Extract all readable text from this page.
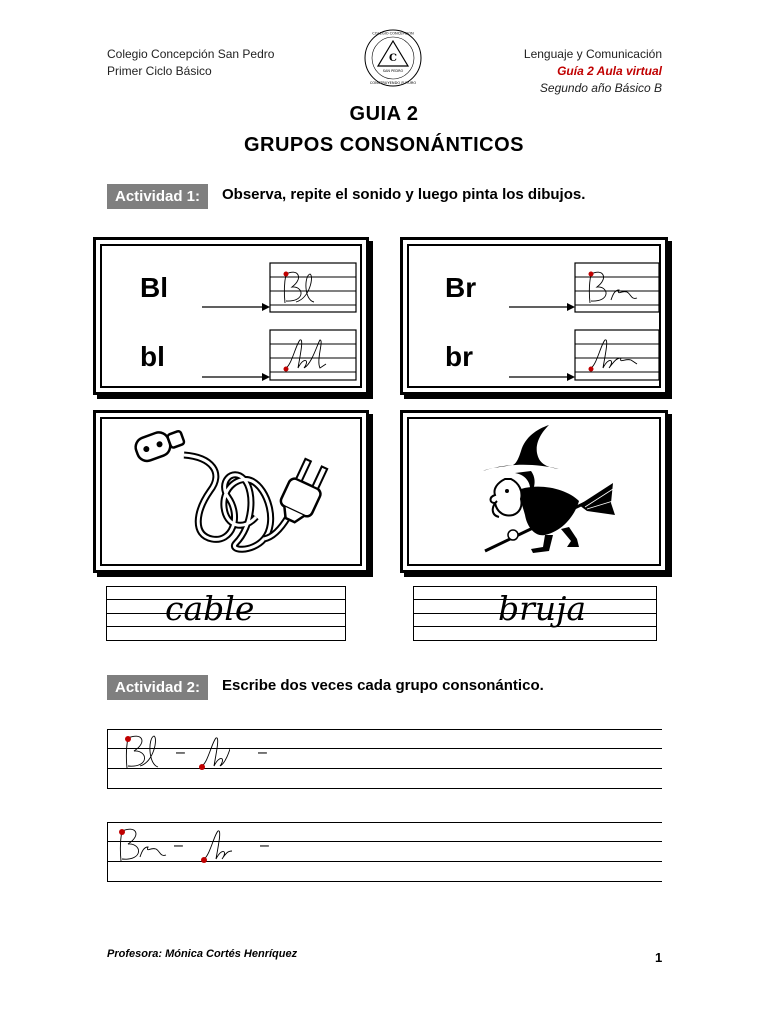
Colegio Concepción San Pedro
Primer Ciclo Básico
C
SAN PEDRO
COLEGIO CONCEPCIÓN
CONSTRUYENDO FUTURO
Lenguaje y Comunicación
Guía 2 Aula virtual
Segundo año Básico B
GUIA 2
GRUPOS CONSONÁNTICOS
Actividad 1:	Observa, repite el sonido y luego pinta los dibujos.
Bl
bl
Br
br
cable	bruja
Actividad 2:	Escribe dos veces cada grupo consonántico.
–	–
–	–
Profesora: Mónica Cortés Henríquez	1
